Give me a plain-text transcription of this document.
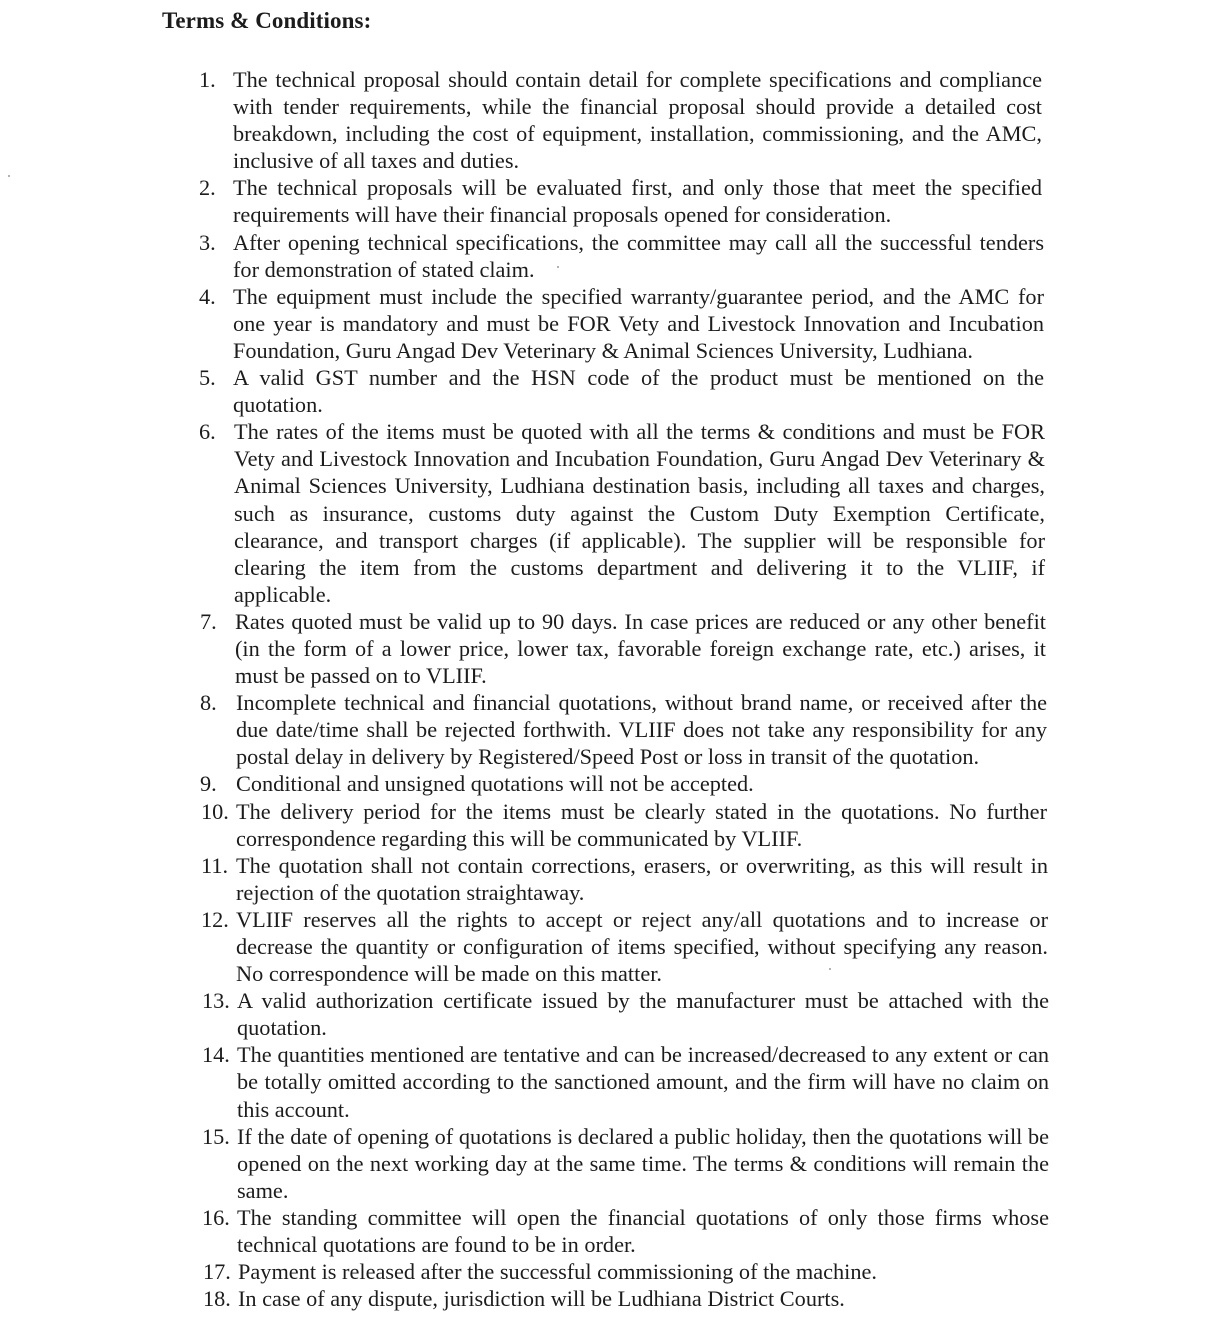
Terms & Conditions:
1. The technical proposal should contain detail for complete specifications and compliance with tender requirements, while the financial proposal should provide a detailed cost breakdown, including the cost of equipment, installation, commissioning, and the AMC, inclusive of all taxes and duties.
2. The technical proposals will be evaluated first, and only those that meet the specified requirements will have their financial proposals opened for consideration.
3. After opening technical specifications, the committee may call all the successful tenders for demonstration of stated claim.
4. The equipment must include the specified warranty/guarantee period, and the AMC for one year is mandatory and must be FOR Vety and Livestock Innovation and Incubation Foundation, Guru Angad Dev Veterinary & Animal Sciences University, Ludhiana.
5. A valid GST number and the HSN code of the product must be mentioned on the quotation.
6. The rates of the items must be quoted with all the terms & conditions and must be FOR Vety and Livestock Innovation and Incubation Foundation, Guru Angad Dev Veterinary & Animal Sciences University, Ludhiana destination basis, including all taxes and charges, such as insurance, customs duty against the Custom Duty Exemption Certificate, clearance, and transport charges (if applicable). The supplier will be responsible for clearing the item from the customs department and delivering it to the VLIIF, if applicable.
7. Rates quoted must be valid up to 90 days. In case prices are reduced or any other benefit (in the form of a lower price, lower tax, favorable foreign exchange rate, etc.) arises, it must be passed on to VLIIF.
8. Incomplete technical and financial quotations, without brand name, or received after the due date/time shall be rejected forthwith. VLIIF does not take any responsibility for any postal delay in delivery by Registered/Speed Post or loss in transit of the quotation.
9. Conditional and unsigned quotations will not be accepted.
10. The delivery period for the items must be clearly stated in the quotations. No further correspondence regarding this will be communicated by VLIIF.
11. The quotation shall not contain corrections, erasers, or overwriting, as this will result in rejection of the quotation straightaway.
12. VLIIF reserves all the rights to accept or reject any/all quotations and to increase or decrease the quantity or configuration of items specified, without specifying any reason. No correspondence will be made on this matter.
13. A valid authorization certificate issued by the manufacturer must be attached with the quotation.
14. The quantities mentioned are tentative and can be increased/decreased to any extent or can be totally omitted according to the sanctioned amount, and the firm will have no claim on this account.
15. If the date of opening of quotations is declared a public holiday, then the quotations will be opened on the next working day at the same time. The terms & conditions will remain the same.
16. The standing committee will open the financial quotations of only those firms whose technical quotations are found to be in order.
17. Payment is released after the successful commissioning of the machine.
18. In case of any dispute, jurisdiction will be Ludhiana District Courts.
